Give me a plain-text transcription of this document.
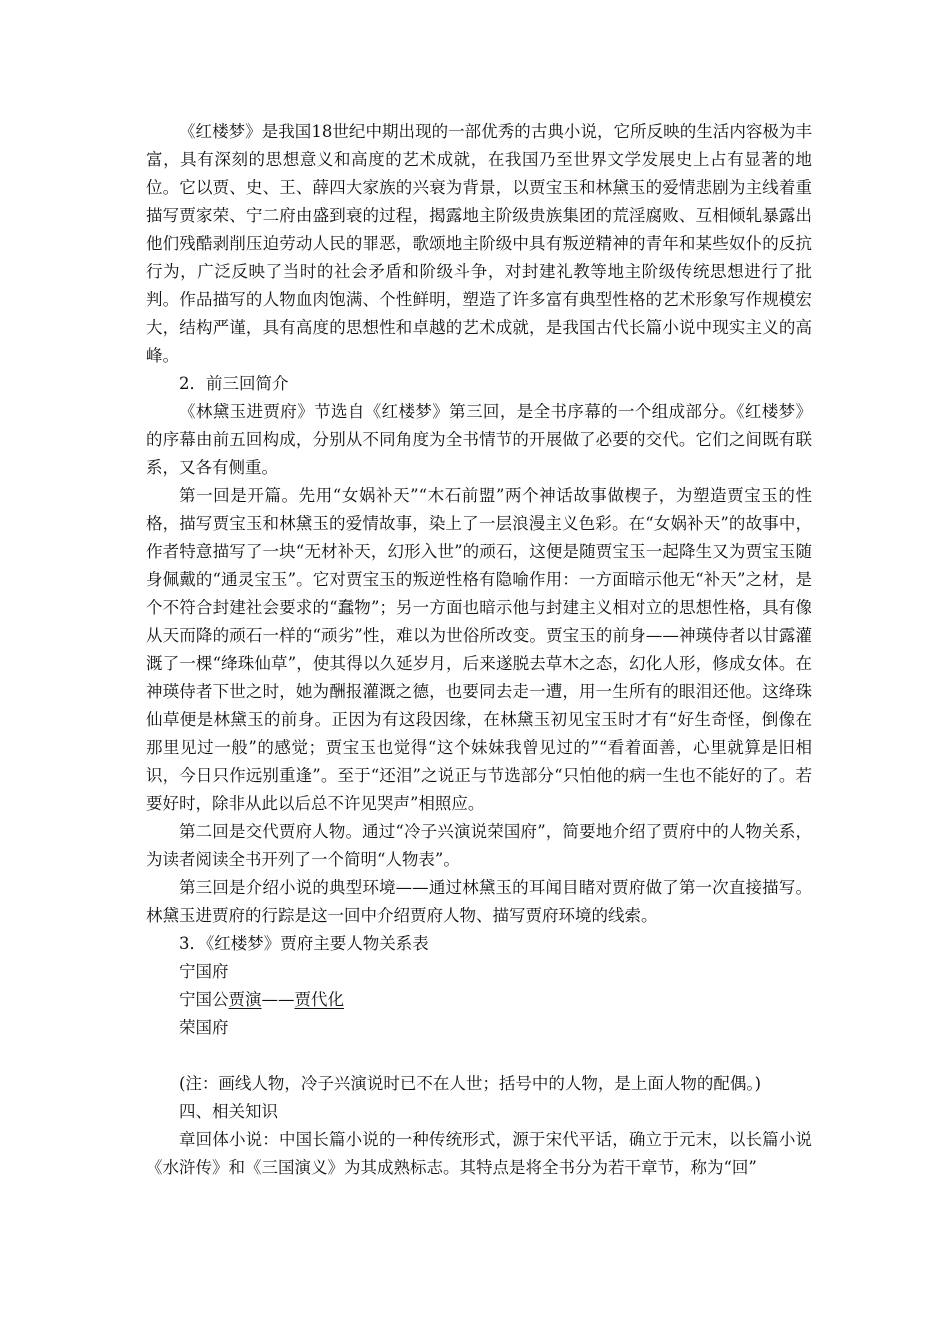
《红楼梦》是我国18世纪中期出现的一部优秀的古典小说，它所反映的生活内容极为丰富，具有深刻的思想意义和高度的艺术成就，在我国乃至世界文学发展史上占有显著的地位。它以贾、史、王、薛四大家族的兴衰为背景，以贾宝玉和林黛玉的爱情悲剧为主线着重描写贾家荣、宁二府由盛到衰的过程，揭露地主阶级贵族集团的荒淫腐败、互相倾轧暴露出他们残酷剥削压迫劳动人民的罪恶，歌颂地主阶级中具有叛逆精神的青年和某些奴仆的反抗行为，广泛反映了当时的社会矛盾和阶级斗争，对封建礼教等地主阶级传统思想进行了批判。作品描写的人物血肉饱满、个性鲜明，塑造了许多富有典型性格的艺术形象写作规模宏大，结构严谨，具有高度的思想性和卓越的艺术成就，是我国古代长篇小说中现实主义的高峰。

2．前三回简介

《林黛玉进贾府》节选自《红楼梦》第三回，是全书序幕的一个组成部分。《红楼梦》的序幕由前五回构成，分别从不同角度为全书情节的开展做了必要的交代。它们之间既有联系，又各有侧重。

第一回是开篇。先用“女娲补天”“木石前盟”两个神话故事做楔子，为塑造贾宝玉的性格，描写贾宝玉和林黛玉的爱情故事，染上了一层浪漫主义色彩。在“女娲补天”的故事中，作者特意描写了一块“无材补天，幻形入世”的顽石，这便是随贾宝玉一起降生又为贾宝玉随身佩戴的“通灵宝玉”。它对贾宝玉的叛逆性格有隐喻作用：一方面暗示他无“补天”之材，是个不符合封建社会要求的“蠢物”；另一方面也暗示他与封建主义相对立的思想性格，具有像从天而降的顽石一样的“顽劣”性，难以为世俗所改变。贾宝玉的前身——神瑛侍者以甘露灌溉了一棵“绛珠仙草”，使其得以久延岁月，后来遂脱去草木之态，幻化人形，修成女体。在神瑛侍者下世之时，她为酬报灌溉之德，也要同去走一遭，用一生所有的眼泪还他。这绛珠仙草便是林黛玉的前身。正因为有这段因缘，在林黛玉初见宝玉时才有“好生奇怪，倒像在那里见过一般”的感觉；贾宝玉也觉得“这个妹妹我曾见过的”“看着面善，心里就算是旧相识，今日只作远别重逢”。至于“还泪”之说正与节选部分“只怕他的病一生也不能好的了。若要好时，除非从此以后总不许见哭声”相照应。

第二回是交代贾府人物。通过“冷子兴演说荣国府”，简要地介绍了贾府中的人物关系，为读者阅读全书开列了一个简明“人物表”。

第三回是介绍小说的典型环境——通过林黛玉的耳闻目睹对贾府做了第一次直接描写。林黛玉进贾府的行踪是这一回中介绍贾府人物、描写贾府环境的线索。

3．《红楼梦》贾府主要人物关系表
宁国府
宁国公贾演——贾代化
荣国府
(注：画线人物，冷子兴演说时已不在人世；括号中的人物，是上面人物的配偶。)
四、相关知识

章回体小说：中国长篇小说的一种传统形式，源于宋代平话，确立于元末，以长篇小说《水浒传》和《三国演义》为其成熟标志。其特点是将全书分为若干章节，称为“回”
